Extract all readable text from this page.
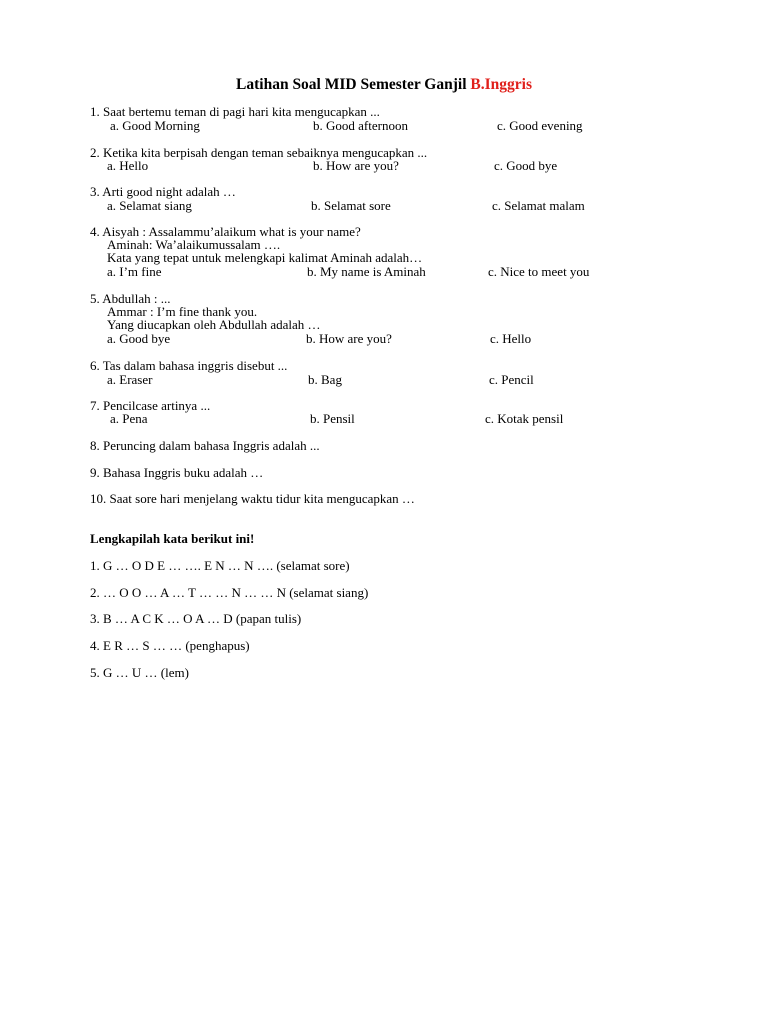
Latihan Soal MID Semester Ganjil B.Inggris
1. Saat bertemu teman di pagi hari kita mengucapkan ...
a. Good Morning	b. Good afternoon	c. Good evening
2. Ketika kita berpisah dengan teman sebaiknya mengucapkan ...
a. Hello	b. How are you?	c. Good bye
3. Arti good night adalah …
a. Selamat siang	b. Selamat sore	c. Selamat malam
4. Aisyah : Assalammu’alaikum what is your name?
Aminah: Wa’alaikumussalam ….
Kata yang tepat untuk melengkapi kalimat Aminah adalah…
a. I’m fine	b. My name is Aminah	c. Nice to meet you
5. Abdullah : ...
Ammar : I’m fine thank you.
Yang diucapkan oleh Abdullah adalah …
a. Good bye	b. How are you?	c. Hello
6. Tas dalam bahasa inggris disebut ...
a. Eraser	b. Bag	c. Pencil
7. Pencilcase artinya ...
a. Pena	b. Pensil	c. Kotak pensil
8. Peruncing dalam bahasa Inggris adalah ...
9. Bahasa Inggris buku adalah …
10. Saat sore hari menjelang waktu tidur kita mengucapkan …
Lengkapilah kata berikut ini!
1. G … O D E … …. E N … N …. (selamat sore)
2. … O O … A … T … … N … … N (selamat siang)
3. B … A C K … O A … D (papan tulis)
4. E R … S … … (penghapus)
5. G … U … (lem)
